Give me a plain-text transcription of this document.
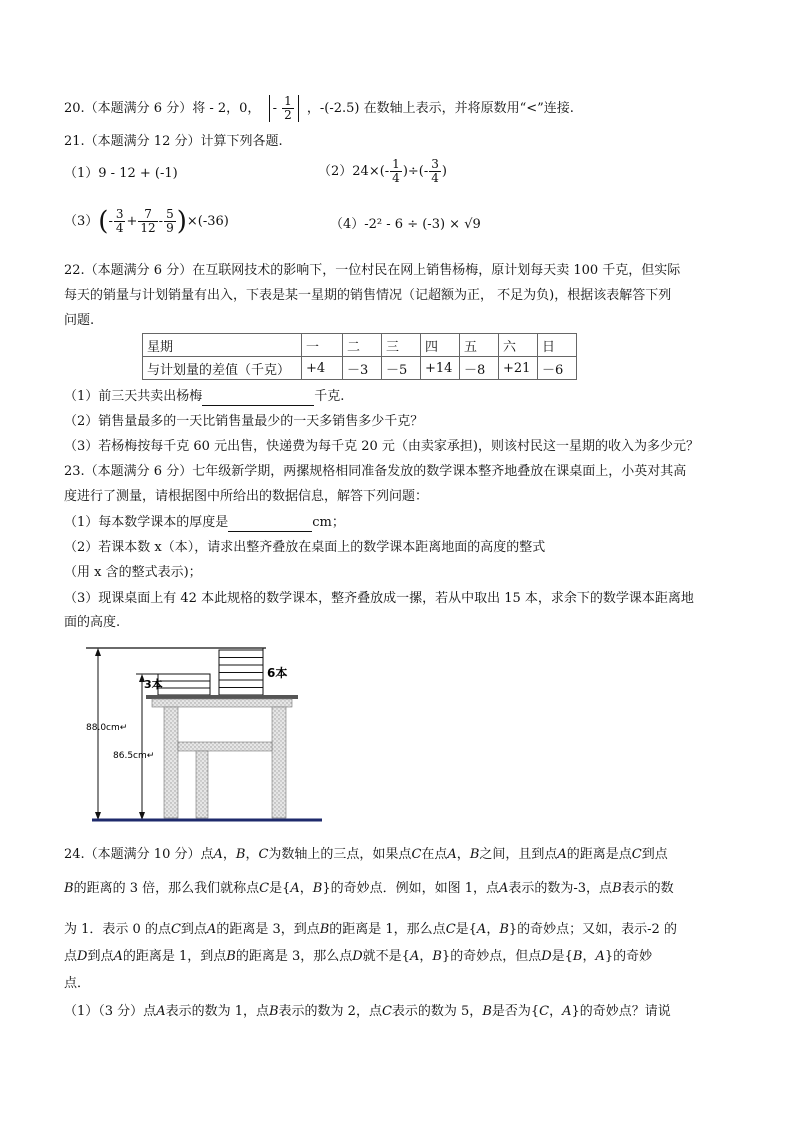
20.（本题满分 6 分）将 - 2，0， - $\frac{1}{2}$ ，-(-2.5) 在数轴上表示，并将原数用“<”连接.
21.（本题满分 12 分）计算下列各题.
（1）9 - 12 + (-1)	$(2)24\times(- \frac{1}{4}$ )÷(- $\frac{3}{4}$ )
$(3)(- \frac{3}{4} + \frac{7}{12} - \frac{5}{9} )\times(-36)$	（4）-2² - 6 ÷ (-3) × √9
22.（本题满分 6 分）在互联网技术的影响下，一位村民在网上销售杨梅，原计划每天卖 100 千克，但实际
每天的销量与计划销量有出入，下表是某一星期的销售情况（记超额为正， 不足为负)，根据该表解答下列
问题.
星期	一	二	三	四	五	六	日
与计划量的差值（千克）	+4	－3	－5	+14	－8	+21	－6
（1）前三天共卖出杨梅	千克.
（2）销售量最多的一天比销售量最少的一天多销售多少千克？
（3）若杨梅按每千克 60 元出售，快递费为每千克 20 元（由卖家承担)，则该村民这一星期的收入为多少元？
23.（本题满分 6 分）七年级新学期，两摞规格相同准备发放的数学课本整齐地叠放在课桌面上，小英对其高
度进行了测量，请根据图中所给出的数据信息，解答下列问题：
（1）每本数学课本的厚度是	cm；
（2）若课本数 x（本），请求出整齐叠放在桌面上的数学课本距离地面的高度的整式
（用 x 含的整式表示)；
（3）现课桌面上有 42 本此规格的数学课本，整齐叠放成一摞，若从中取出 15 本，求余下的数学课本距离地
面的高度.
3本
6本
88.0cm↵
86.5cm↵
24.（本题满分 10 分）点A，B，C为数轴上的三点，如果点C在点A，B之间，且到点A的距离是点C到点
B的距离的 3 倍，那么我们就称点C是{A，B}的奇妙点．例如，如图 1，点A表示的数为-3，点B表示的数
为 1．表示 0 的点C到点A的距离是 3，到点B的距离是 1，那么点C是{A，B}的奇妙点；又如，表示-2 的
点D到点A的距离是 1，到点B的距离是 3，那么点D就不是{A，B}的奇妙点，但点D是{B，A}的奇妙
点．
（1）（3 分）点A表示的数为 1，点B表示的数为 2，点C表示的数为 5，B是否为{C，A}的奇妙点？请说
